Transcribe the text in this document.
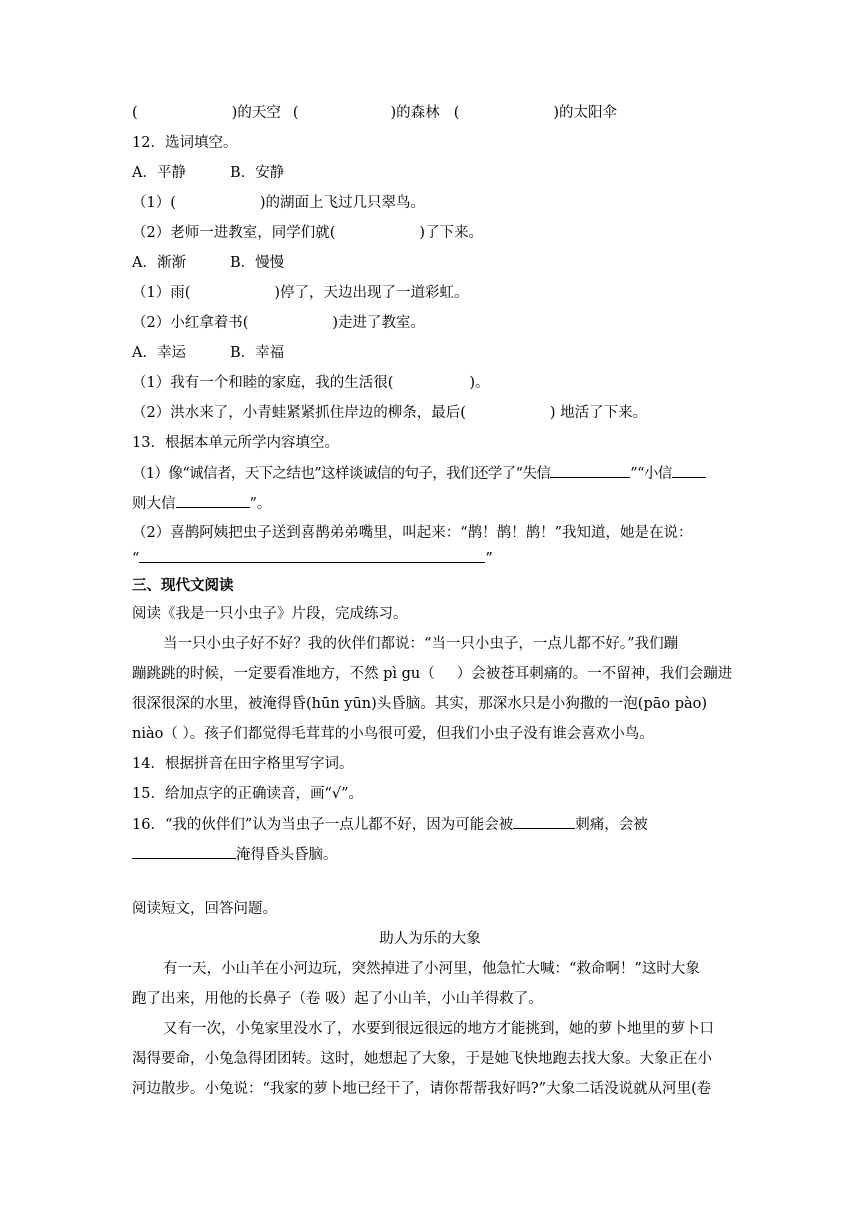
(	)的天空 (	)的森林 (	)的太阳伞
12．选词填空。
A．平静	B．安静
（1）(	)的湖面上飞过几只翠鸟。
（2）老师一进教室，同学们就(	)了下来。
A．渐渐	B．慢慢
（1）雨(	)停了，天边出现了一道彩虹。
（2）小红拿着书(	)走进了教室。
A．幸运	B．幸福
（1）我有一个和睦的家庭，我的生活很(	)。
（2）洪水来了，小青蛙紧紧抓住岸边的柳条，最后(	) 地活了下来。
13．根据本单元所学内容填空。
（1）像“诚信者，天下之结也”这样谈诚信的句子，我们还学了“失信	”“小信
则大信	”。
（2）喜鹊阿姨把虫子送到喜鹊弟弟嘴里，叫起来：“鹊！鹊！鹊！”我知道，她是在说：
“	”
三、现代文阅读
阅读《我是一只小虫子》片段，完成练习。
当一只小虫子好不好？我的伙伴们都说：“当一只小虫子，一点儿都不好。”我们蹦
蹦跳跳的时候，一定要看准地方，不然 pì gu（ ）会被苍耳刺痛的。一不留神，我们会蹦进
很深很深的水里，被淹得昏(hūn yūn)头昏脑。其实，那深水只是小狗撒的一泡(pāo pào)
niào（ ）。孩子们都觉得毛茸茸的小鸟很可爱，但我们小虫子没有谁会喜欢小鸟。
14．根据拼音在田字格里写字词。
15．给加点字的正确读音，画“√”。
16．“我的伙伴们”认为当虫子一点儿都不好，因为可能会被	刺痛，会被
淹得昏头昏脑。
阅读短文，回答问题。
助人为乐的大象
有一天，小山羊在小河边玩，突然掉进了小河里，他急忙大喊：“救命啊！”这时大象
跑了出来，用他的长鼻子（卷 吸）起了小山羊，小山羊得救了。
又有一次，小兔家里没水了，水要到很远很远的地方才能挑到，她的萝卜地里的萝卜口
渴得要命，小兔急得团团转。这时，她想起了大象，于是她飞快地跑去找大象。大象正在小
河边散步。小兔说：“我家的萝卜地已经干了，请你帮帮我好吗?”大象二话没说就从河里(卷
